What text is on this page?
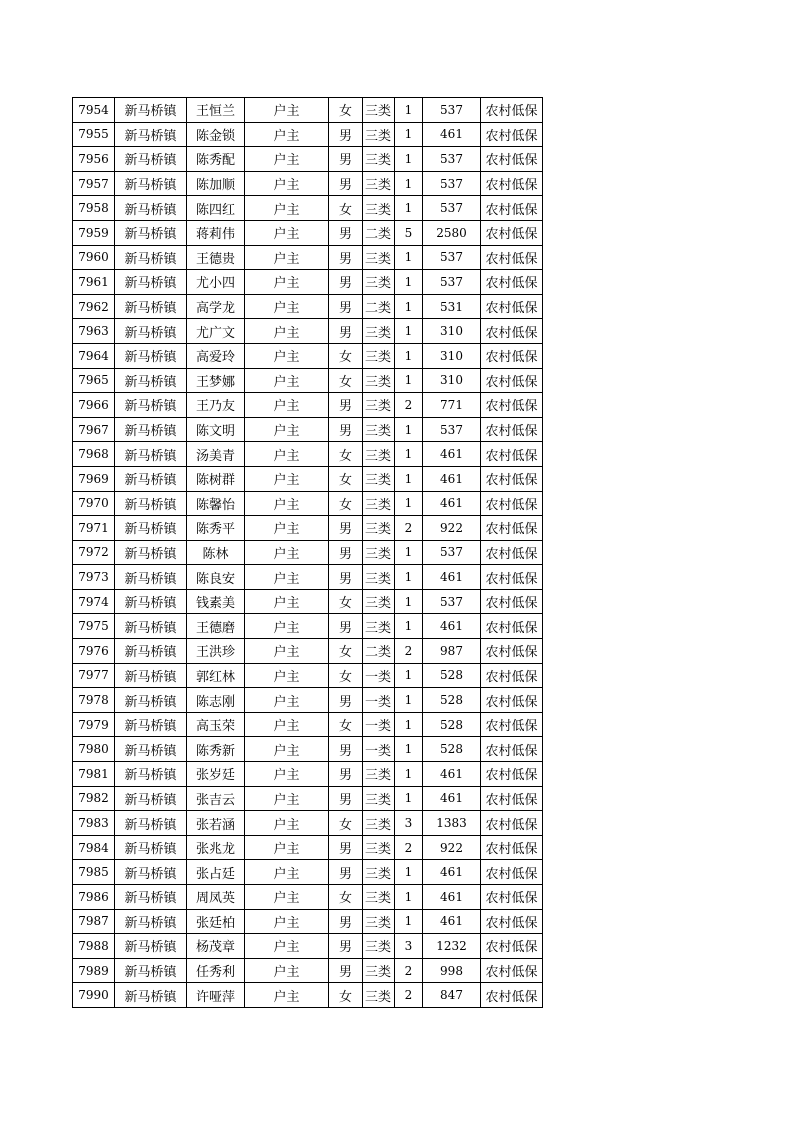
7954	新马桥镇	王恒兰	户主	女	三类	1	537	农村低保
7955	新马桥镇	陈金锁	户主	男	三类	1	461	农村低保
7956	新马桥镇	陈秀配	户主	男	三类	1	537	农村低保
7957	新马桥镇	陈加顺	户主	男	三类	1	537	农村低保
7958	新马桥镇	陈四红	户主	女	三类	1	537	农村低保
7959	新马桥镇	蒋莉伟	户主	男	二类	5	2580	农村低保
7960	新马桥镇	王德贵	户主	男	三类	1	537	农村低保
7961	新马桥镇	尤小四	户主	男	三类	1	537	农村低保
7962	新马桥镇	高学龙	户主	男	二类	1	531	农村低保
7963	新马桥镇	尤广文	户主	男	三类	1	310	农村低保
7964	新马桥镇	高爱玲	户主	女	三类	1	310	农村低保
7965	新马桥镇	王梦娜	户主	女	三类	1	310	农村低保
7966	新马桥镇	王乃友	户主	男	三类	2	771	农村低保
7967	新马桥镇	陈文明	户主	男	三类	1	537	农村低保
7968	新马桥镇	汤美青	户主	女	三类	1	461	农村低保
7969	新马桥镇	陈树群	户主	女	三类	1	461	农村低保
7970	新马桥镇	陈馨怡	户主	女	三类	1	461	农村低保
7971	新马桥镇	陈秀平	户主	男	三类	2	922	农村低保
7972	新马桥镇	陈林	户主	男	三类	1	537	农村低保
7973	新马桥镇	陈良安	户主	男	三类	1	461	农村低保
7974	新马桥镇	钱素美	户主	女	三类	1	537	农村低保
7975	新马桥镇	王德磨	户主	男	三类	1	461	农村低保
7976	新马桥镇	王洪珍	户主	女	二类	2	987	农村低保
7977	新马桥镇	郭红林	户主	女	一类	1	528	农村低保
7978	新马桥镇	陈志刚	户主	男	一类	1	528	农村低保
7979	新马桥镇	高玉荣	户主	女	一类	1	528	农村低保
7980	新马桥镇	陈秀新	户主	男	一类	1	528	农村低保
7981	新马桥镇	张岁廷	户主	男	三类	1	461	农村低保
7982	新马桥镇	张吉云	户主	男	三类	1	461	农村低保
7983	新马桥镇	张若涵	户主	女	三类	3	1383	农村低保
7984	新马桥镇	张兆龙	户主	男	三类	2	922	农村低保
7985	新马桥镇	张占廷	户主	男	三类	1	461	农村低保
7986	新马桥镇	周凤英	户主	女	三类	1	461	农村低保
7987	新马桥镇	张廷柏	户主	男	三类	1	461	农村低保
7988	新马桥镇	杨茂章	户主	男	三类	3	1232	农村低保
7989	新马桥镇	任秀利	户主	男	三类	2	998	农村低保
7990	新马桥镇	许哑萍	户主	女	三类	2	847	农村低保
